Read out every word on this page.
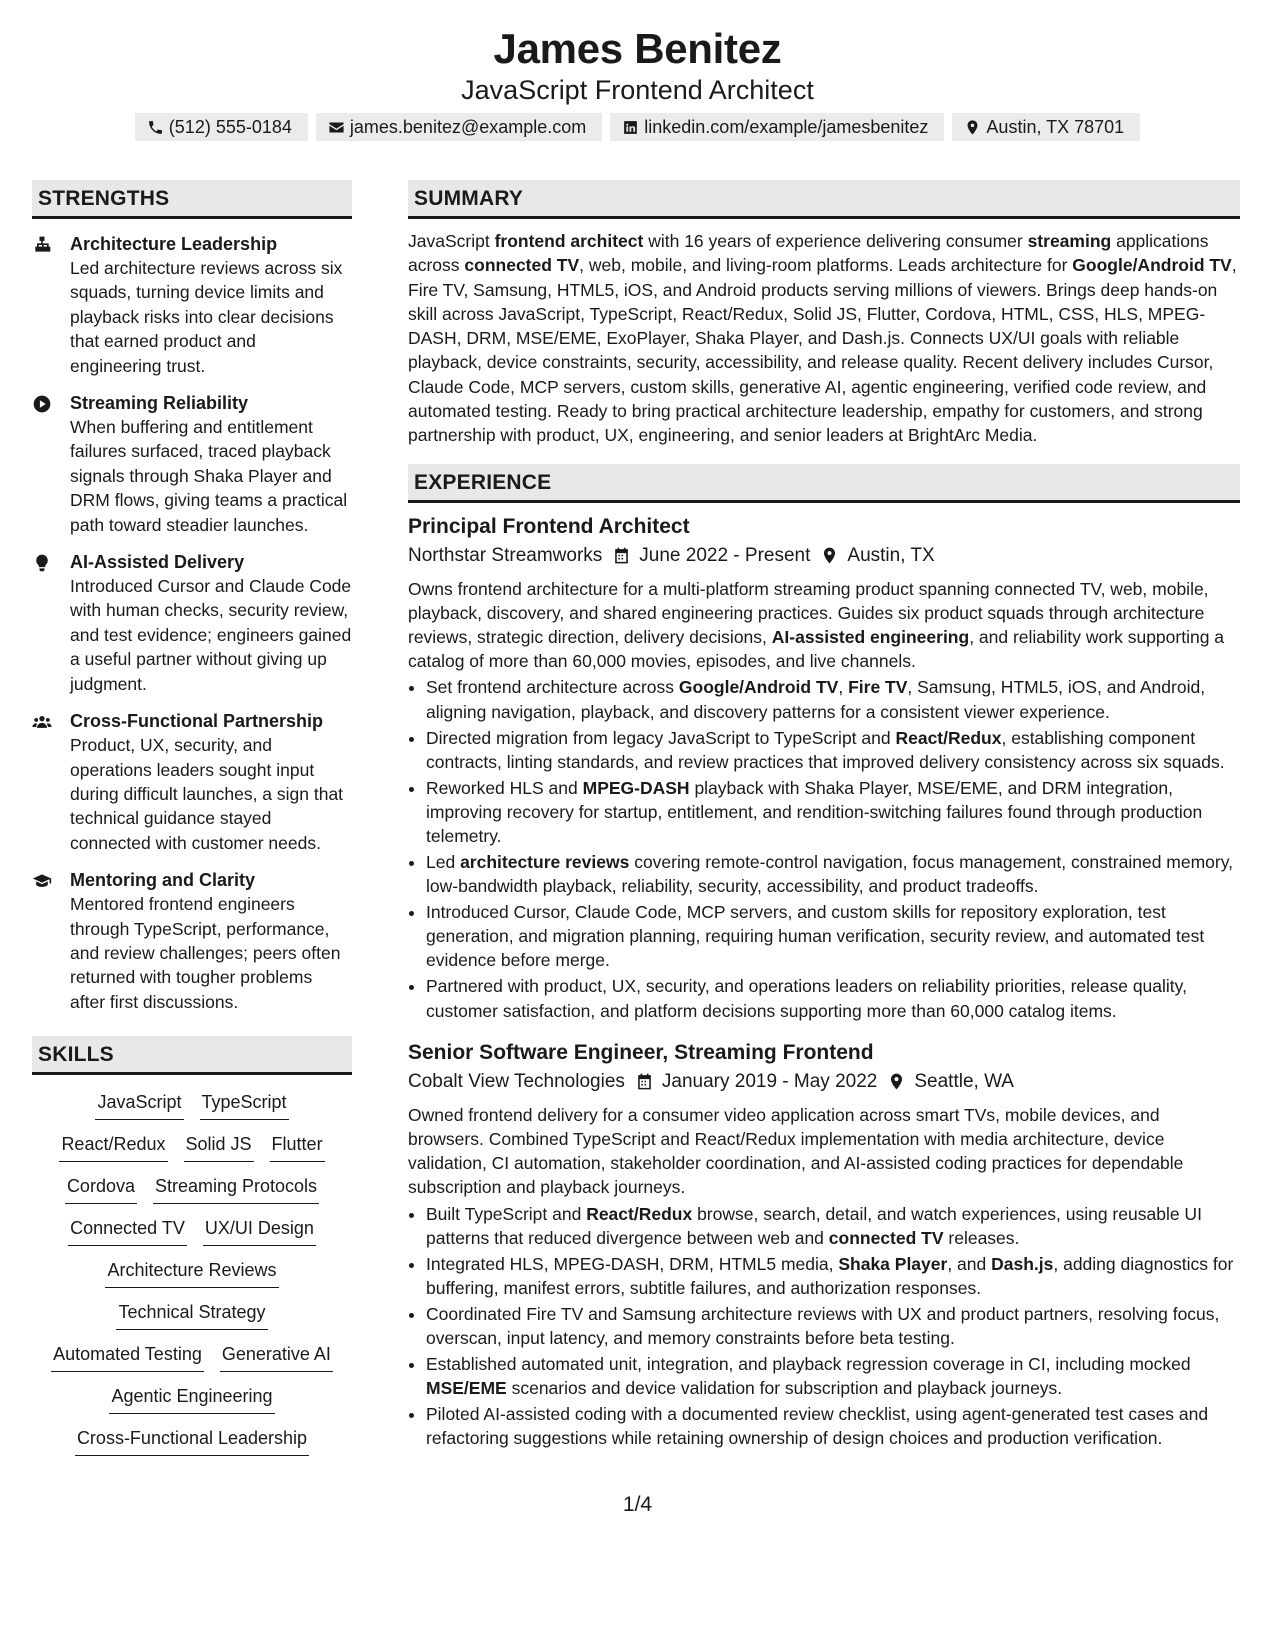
James Benitez
JavaScript Frontend Architect
(512) 555-0184	james.benitez@example.com	linkedin.com/example/jamesbenitez	Austin, TX 78701
STRENGTHS
Architecture Leadership
Led architecture reviews across six squads, turning device limits and playback risks into clear decisions that earned product and engineering trust.
Streaming Reliability
When buffering and entitlement failures surfaced, traced playback signals through Shaka Player and DRM flows, giving teams a practical path toward steadier launches.
AI-Assisted Delivery
Introduced Cursor and Claude Code with human checks, security review, and test evidence; engineers gained a useful partner without giving up judgment.
Cross-Functional Partnership
Product, UX, security, and operations leaders sought input during difficult launches, a sign that technical guidance stayed connected with customer needs.
Mentoring and Clarity
Mentored frontend engineers through TypeScript, performance, and review challenges; peers often returned with tougher problems after first discussions.
SKILLS
JavaScript TypeScript
React/Redux Solid JS Flutter
Cordova Streaming Protocols
Connected TV UX/UI Design
Architecture Reviews
Technical Strategy
Automated Testing Generative AI
Agentic Engineering
Cross-Functional Leadership
SUMMARY
JavaScript frontend architect with 16 years of experience delivering consumer streaming applications across connected TV, web, mobile, and living-room platforms. Leads architecture for Google/Android TV, Fire TV, Samsung, HTML5, iOS, and Android products serving millions of viewers. Brings deep hands-on skill across JavaScript, TypeScript, React/Redux, Solid JS, Flutter, Cordova, HTML, CSS, HLS, MPEG-DASH, DRM, MSE/EME, ExoPlayer, Shaka Player, and Dash.js. Connects UX/UI goals with reliable playback, device constraints, security, accessibility, and release quality. Recent delivery includes Cursor, Claude Code, MCP servers, custom skills, generative AI, agentic engineering, verified code review, and automated testing. Ready to bring practical architecture leadership, empathy for customers, and strong partnership with product, UX, engineering, and senior leaders at BrightArc Media.
EXPERIENCE
Principal Frontend Architect
Northstar Streamworks June 2022 - Present Austin, TX
Owns frontend architecture for a multi-platform streaming product spanning connected TV, web, mobile, playback, discovery, and shared engineering practices. Guides six product squads through architecture reviews, strategic direction, delivery decisions, AI-assisted engineering, and reliability work supporting a catalog of more than 60,000 movies, episodes, and live channels.
• Set frontend architecture across Google/Android TV, Fire TV, Samsung, HTML5, iOS, and Android, aligning navigation, playback, and discovery patterns for a consistent viewer experience.
• Directed migration from legacy JavaScript to TypeScript and React/Redux, establishing component contracts, linting standards, and review practices that improved delivery consistency across six squads.
• Reworked HLS and MPEG-DASH playback with Shaka Player, MSE/EME, and DRM integration, improving recovery for startup, entitlement, and rendition-switching failures found through production telemetry.
• Led architecture reviews covering remote-control navigation, focus management, constrained memory, low-bandwidth playback, reliability, security, accessibility, and product tradeoffs.
• Introduced Cursor, Claude Code, MCP servers, and custom skills for repository exploration, test generation, and migration planning, requiring human verification, security review, and automated test evidence before merge.
• Partnered with product, UX, security, and operations leaders on reliability priorities, release quality, customer satisfaction, and platform decisions supporting more than 60,000 catalog items.
Senior Software Engineer, Streaming Frontend
Cobalt View Technologies January 2019 - May 2022 Seattle, WA
Owned frontend delivery for a consumer video application across smart TVs, mobile devices, and browsers. Combined TypeScript and React/Redux implementation with media architecture, device validation, CI automation, stakeholder coordination, and AI-assisted coding practices for dependable subscription and playback journeys.
• Built TypeScript and React/Redux browse, search, detail, and watch experiences, using reusable UI patterns that reduced divergence between web and connected TV releases.
• Integrated HLS, MPEG-DASH, DRM, HTML5 media, Shaka Player, and Dash.js, adding diagnostics for buffering, manifest errors, subtitle failures, and authorization responses.
• Coordinated Fire TV and Samsung architecture reviews with UX and product partners, resolving focus, overscan, input latency, and memory constraints before beta testing.
• Established automated unit, integration, and playback regression coverage in CI, including mocked MSE/EME scenarios and device validation for subscription and playback journeys.
• Piloted AI-assisted coding with a documented review checklist, using agent-generated test cases and refactoring suggestions while retaining ownership of design choices and production verification.
1/4
